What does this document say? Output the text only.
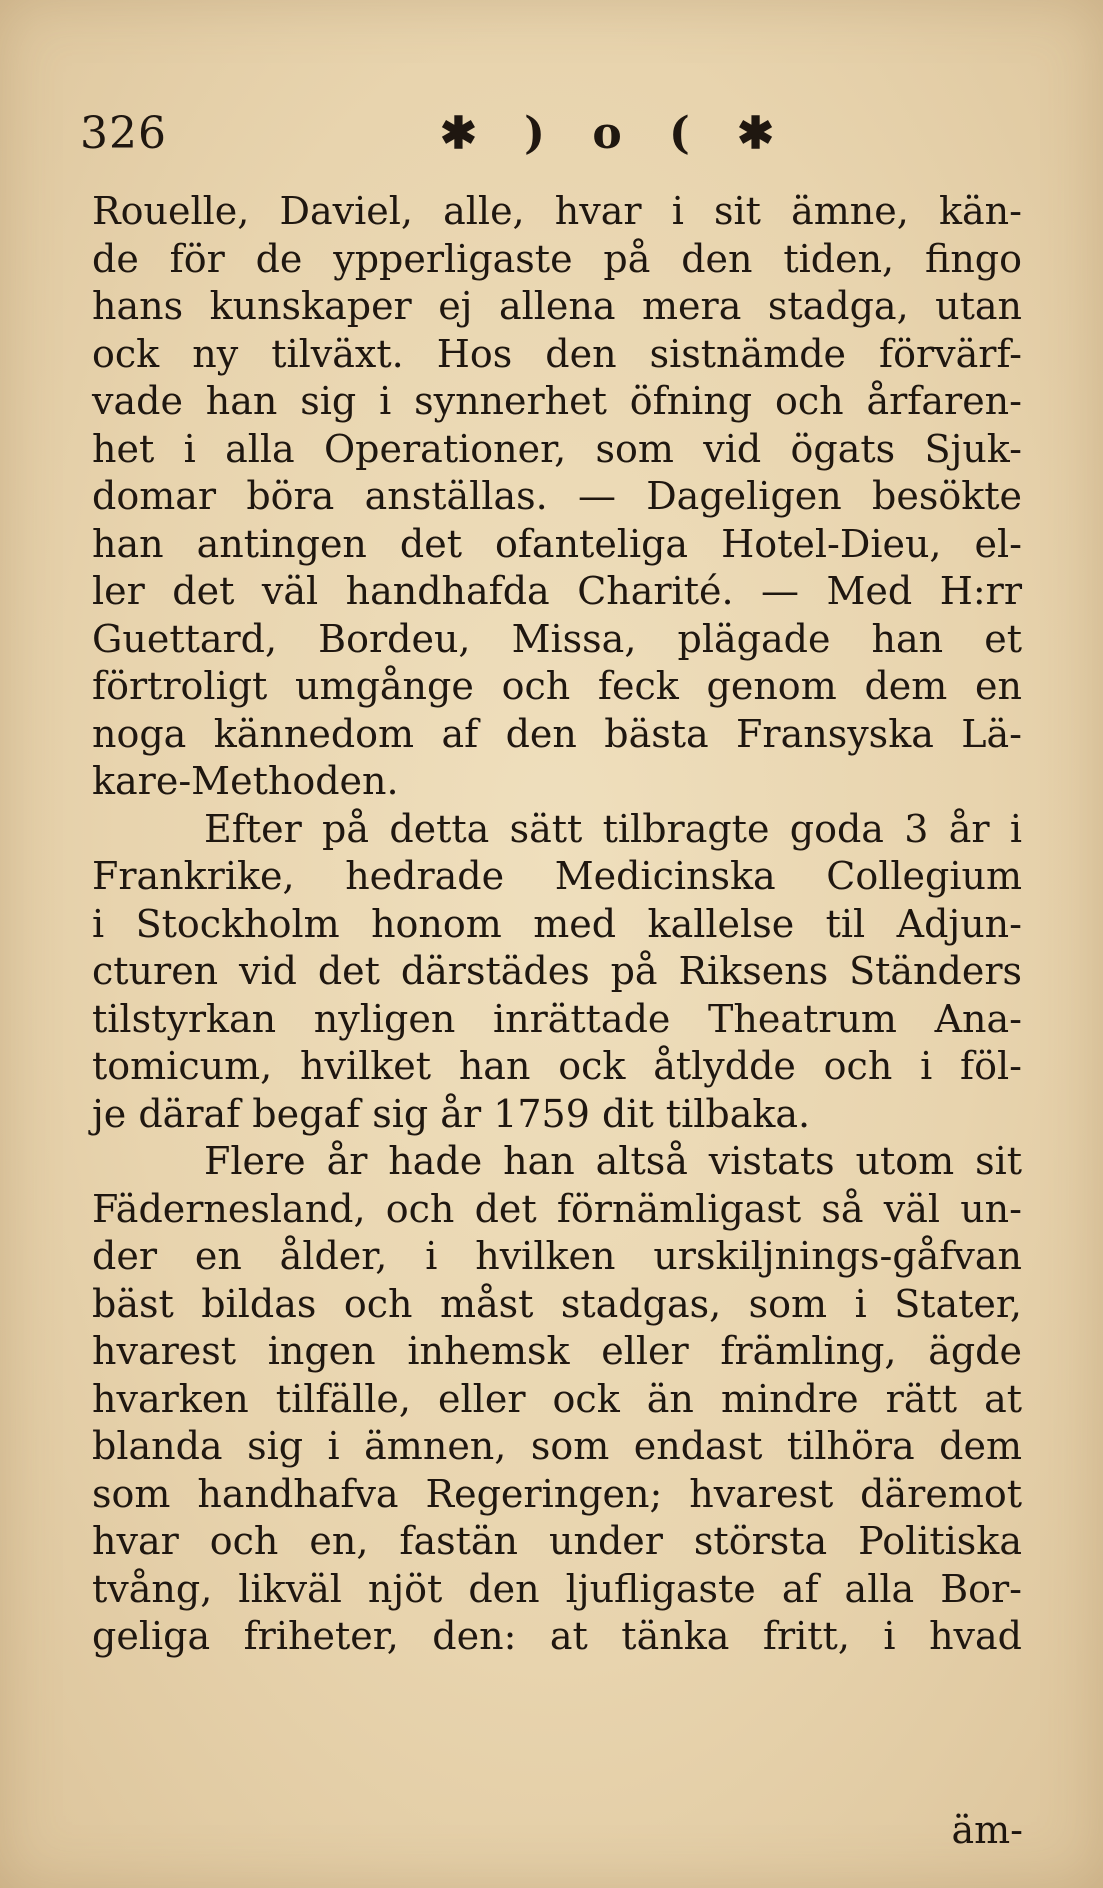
326	✱ ) o ( ✱
Rouelle, Daviel, alle, hvar i sit ämne, kän-
de för de ypperligaste på den tiden, fingo
hans kunskaper ej allena mera stadga, utan
ock ny tilväxt. Hos den sistnämde förvärf-
vade han sig i synnerhet öfning och årfaren-
het i alla Operationer, som vid ögats Sjuk-
domar böra anställas. — Dageligen besökte
han antingen det ofanteliga Hotel-Dieu, el-
ler det väl handhafda Charité. — Med H:rr
Guettard, Bordeu, Missa, plägade han et
förtroligt umgånge och feck genom dem en
noga kännedom af den bästa Fransyska Lä-
kare-Methoden.
Efter på detta sätt tilbragte goda 3 år i
Frankrike, hedrade Medicinska Collegium
i Stockholm honom med kallelse til Adjun-
cturen vid det därstädes på Riksens Ständers
tilstyrkan nyligen inrättade Theatrum Ana-
tomicum, hvilket han ock åtlydde och i föl-
je däraf begaf sig år 1759 dit tilbaka.
Flere år hade han altså vistats utom sit
Fädernesland, och det förnämligast så väl un-
der en ålder, i hvilken urskiljnings-gåfvan
bäst bildas och måst stadgas, som i Stater,
hvarest ingen inhemsk eller främling, ägde
hvarken tilfälle, eller ock än mindre rätt at
blanda sig i ämnen, som endast tilhöra dem
som handhafva Regeringen; hvarest däremot
hvar och en, fastän under största Politiska
tvång, likväl njöt den ljufligaste af alla Bor-
geliga friheter, den: at tänka fritt, i hvad
äm-
